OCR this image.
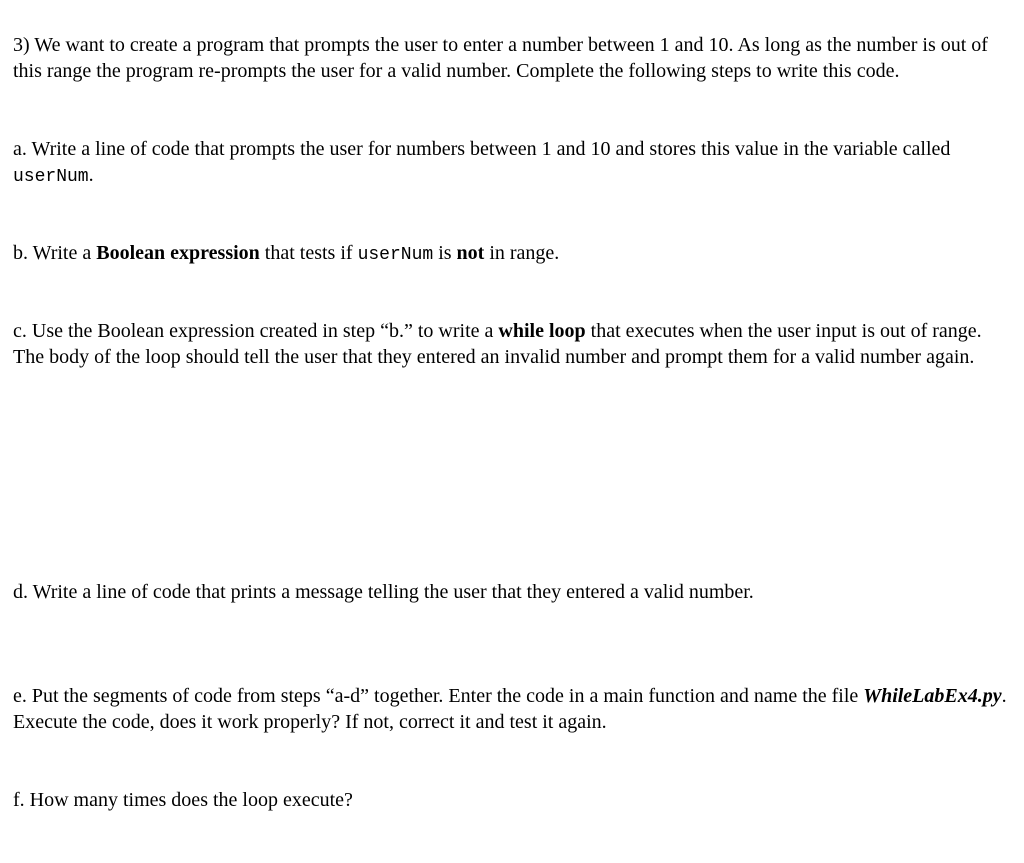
3) We want to create a program that prompts the user to enter a number between 1 and 10. As long as the number is out of this range the program re-prompts the user for a valid number. Complete the following steps to write this code.

a. Write a line of code that prompts the user for numbers between 1 and 10 and stores this value in the variable called userNum.

b. Write a Boolean expression that tests if userNum is not in range.

c. Use the Boolean expression created in step “b.” to write a while loop that executes when the user input is out of range. The body of the loop should tell the user that they entered an invalid number and prompt them for a valid number again.

d. Write a line of code that prints a message telling the user that they entered a valid number.

e. Put the segments of code from steps “a-d” together. Enter the code in a main function and name the file WhileLabEx4.py. Execute the code, does it work properly? If not, correct it and test it again.

f. How many times does the loop execute?
